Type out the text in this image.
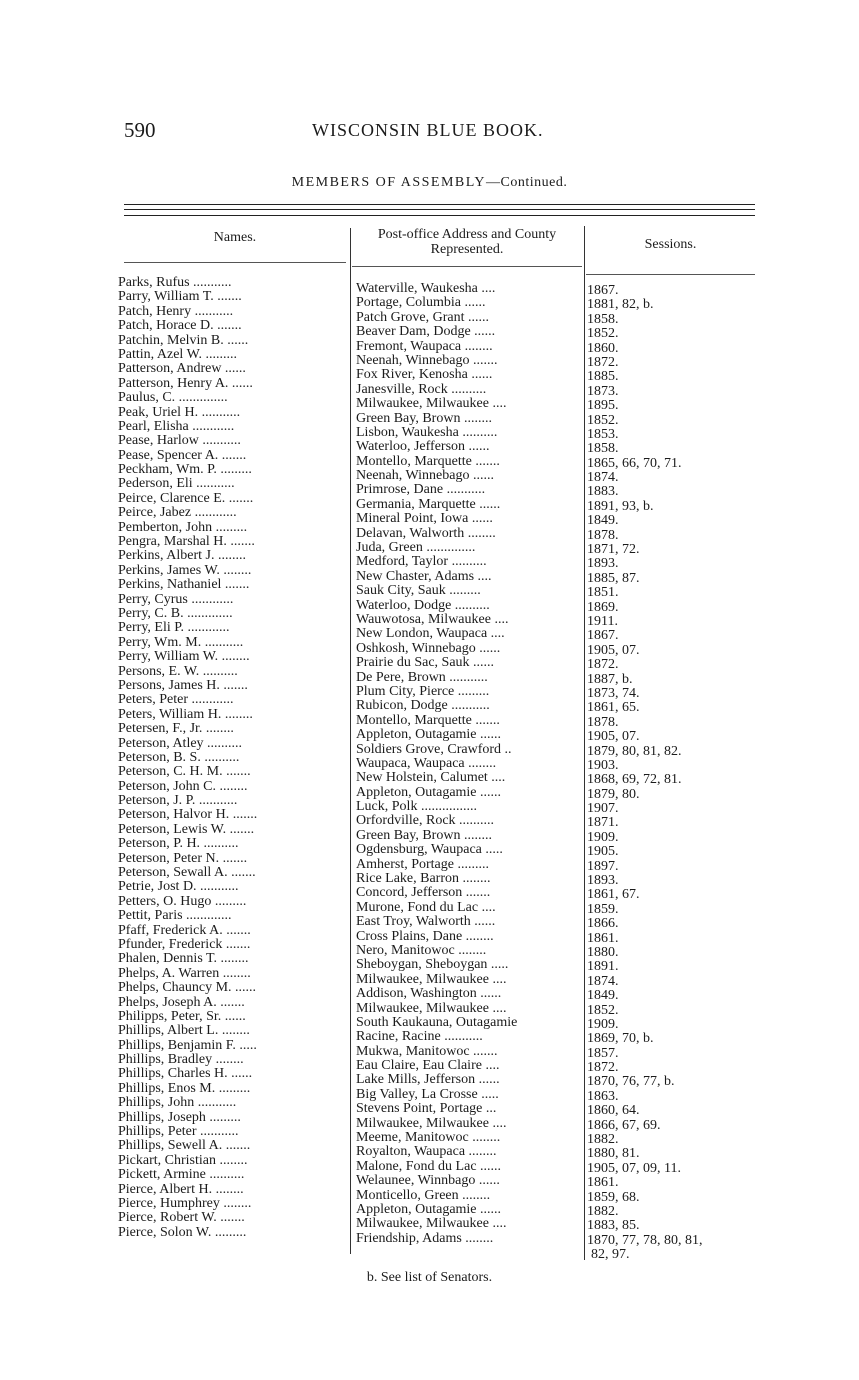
590	WISCONSIN BLUE BOOK.
MEMBERS OF ASSEMBLY—Continued.
Names.	Post-office Address and County Represented.	Sessions.
Parks, Rufus ...........	Waterville, Waukesha ....	1867.
Parry, William T. .......	Portage, Columbia ......	1881, 82, b.
Patch, Henry ...........	Patch Grove, Grant ......	1858.
Patch, Horace D. .......	Beaver Dam, Dodge ......	1852.
Patchin, Melvin B. ......	Fremont, Waupaca ........	1860.
Pattin, Azel W. .........	Neenah, Winnebago .......	1872.
Patterson, Andrew ......	Fox River, Kenosha ......	1885.
Patterson, Henry A. ......	Janesville, Rock ..........	1873.
Paulus, C. ..............	Milwaukee, Milwaukee ....	1895.
Peak, Uriel H. ...........	Green Bay, Brown ........	1852.
Pearl, Elisha ............	Lisbon, Waukesha ..........	1853.
Pease, Harlow ...........	Waterloo, Jefferson ......	1858.
Pease, Spencer A. .......	Montello, Marquette .......	1865, 66, 70, 71.
Peckham, Wm. P. .........	Neenah, Winnebago ......	1874.
Pederson, Eli ...........	Primrose, Dane ...........	1883.
Peirce, Clarence E. .......	Germania, Marquette ......	1891, 93, b.
Peirce, Jabez ............	Mineral Point, Iowa ......	1849.
Pemberton, John .........	Delavan, Walworth ........	1878.
Pengra, Marshal H. .......	Juda, Green ..............	1871, 72.
Perkins, Albert J. ........	Medford, Taylor ..........	1893.
Perkins, James W. ........	New Chaster, Adams ....	1885, 87.
Perkins, Nathaniel .......	Sauk City, Sauk .........	1851.
Perry, Cyrus ............	Waterloo, Dodge ..........	1869.
Perry, C. B. .............	Wauwotosa, Milwaukee ....	1911.
Perry, Eli P. ............	New London, Waupaca ....	1867.
Perry, Wm. M. ...........	Oshkosh, Winnebago ......	1905, 07.
Perry, William W. ........	Prairie du Sac, Sauk ......	1872.
Persons, E. W. ..........	De Pere, Brown ...........	1887, b.
Persons, James H. .......	Plum City, Pierce .........	1873, 74.
Peters, Peter ............	Rubicon, Dodge ...........	1861, 65.
Peters, William H. ........	Montello, Marquette .......	1878.
Petersen, F., Jr. ........	Appleton, Outagamie ......	1905, 07.
Peterson, Atley ..........	Soldiers Grove, Crawford ..	1879, 80, 81, 82.
Peterson, B. S. ..........	Waupaca, Waupaca ........	1903.
Peterson, C. H. M. .......	New Holstein, Calumet ....	1868, 69, 72, 81.
Peterson, John C. ........	Appleton, Outagamie ......	1879, 80.
Peterson, J. P. ...........	Luck, Polk ................	1907.
Peterson, Halvor H. .......	Orfordville, Rock ..........	1871.
Peterson, Lewis W. .......	Green Bay, Brown ........	1909.
Peterson, P. H. ..........	Ogdensburg, Waupaca .....	1905.
Peterson, Peter N. .......	Amherst, Portage .........	1897.
Peterson, Sewall A. .......	Rice Lake, Barron ........	1893.
Petrie, Jost D. ...........	Concord, Jefferson .......	1861, 67.
Petters, O. Hugo .........	Murone, Fond du Lac ....	1859.
Pettit, Paris .............	East Troy, Walworth ......	1866.
Pfaff, Frederick A. .......	Cross Plains, Dane ........	1861.
Pfunder, Frederick .......	Nero, Manitowoc ........	1880.
Phalen, Dennis T. ........	Sheboygan, Sheboygan .....	1891.
Phelps, A. Warren ........	Milwaukee, Milwaukee ....	1874.
Phelps, Chauncy M. ......	Addison, Washington ......	1849.
Phelps, Joseph A. .......	Milwaukee, Milwaukee ....	1852.
Philipps, Peter, Sr. ......	South Kaukauna, Outagamie	1909.
Phillips, Albert L. ........	Racine, Racine ...........	1869, 70, b.
Phillips, Benjamin F. .....	Mukwa, Manitowoc .......	1857.
Phillips, Bradley ........	Eau Claire, Eau Claire ....	1872.
Phillips, Charles H. ......	Lake Mills, Jefferson ......	1870, 76, 77, b.
Phillips, Enos M. .........	Big Valley, La Crosse .....	1863.
Phillips, John ...........	Stevens Point, Portage ...	1860, 64.
Phillips, Joseph .........	Milwaukee, Milwaukee ....	1866, 67, 69.
Phillips, Peter ...........	Meeme, Manitowoc ........	1882.
Phillips, Sewell A. .......	Royalton, Waupaca ........	1880, 81.
Pickart, Christian ........	Malone, Fond du Lac ......	1905, 07, 09, 11.
Pickett, Armine ..........	Welaunee, Winnbago ......	1861.
Pierce, Albert H. ........	Monticello, Green ........	1859, 68.
Pierce, Humphrey ........	Appleton, Outagamie ......	1882.
Pierce, Robert W. .......	Milwaukee, Milwaukee ....	1883, 85.
Pierce, Solon W. .........	Friendship, Adams ........	1870, 77, 78, 80, 81,
82, 97.
b. See list of Senators.
